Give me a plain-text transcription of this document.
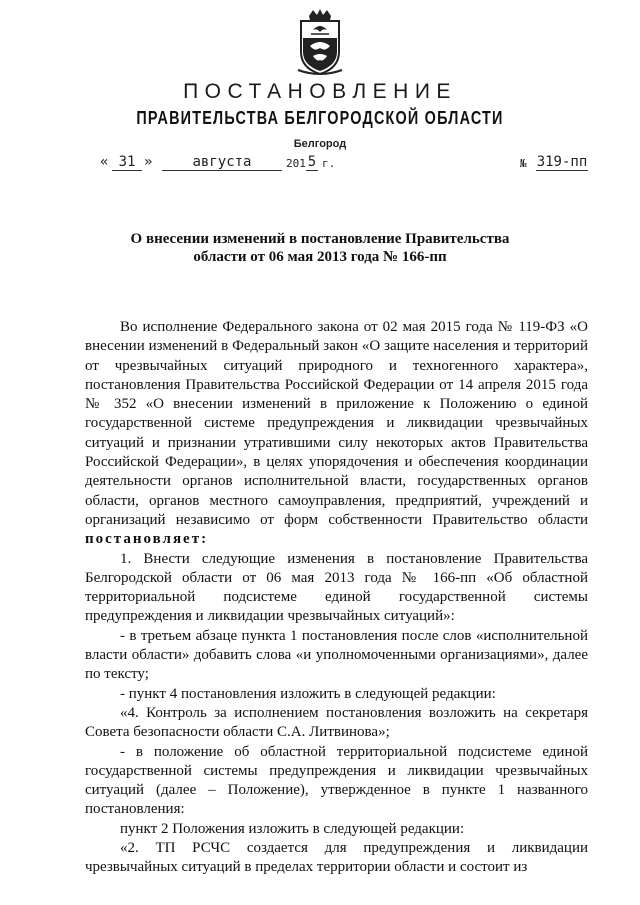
ПОСТАНОВЛЕНИЕ
ПРАВИТЕЛЬСТВА БЕЛГОРОДСКОЙ ОБЛАСТИ
Белгород
« 31 »	августа	201 5 г.	№ 319-пп
О внесении изменений в постановление Правительства
области от 06 мая 2013 года № 166-пп

Во исполнение Федерального закона от 02 мая 2015 года № 119-ФЗ «О внесении изменений в Федеральный закон «О защите населения и территорий от чрезвычайных ситуаций природного и техногенного характера», постановления Правительства Российской Федерации от 14 апреля 2015 года № 352 «О внесении изменений в приложение к Положению о единой государственной системе предупреждения и ликвидации чрезвычайных ситуаций и признании утратившими силу некоторых актов Правительства Российской Федерации», в целях упорядочения и обеспечения координации деятельности органов исполнительной власти, государственных органов области, органов местного самоуправления, предприятий, учреждений и организаций независимо от форм собственности Правительство области постановляет:

1. Внести следующие изменения в постановление Правительства Белгородской области от 06 мая 2013 года № 166-пп «Об областной территориальной подсистеме единой государственной системы предупреждения и ликвидации чрезвычайных ситуаций»:

- в третьем абзаце пункта 1 постановления после слов «исполнительной власти области» добавить слова «и уполномоченными организациями», далее по тексту;

- пункт 4 постановления изложить в следующей редакции:

«4. Контроль за исполнением постановления возложить на секретаря Совета безопасности области С.А. Литвинова»;

- в положение об областной территориальной подсистеме единой государственной системы предупреждения и ликвидации чрезвычайных ситуаций (далее – Положение), утвержденное в пункте 1 названного постановления:

пункт 2 Положения изложить в следующей редакции:

«2. ТП РСЧС создается для предупреждения и ликвидации чрезвычайных ситуаций в пределах территории области и состоит из
